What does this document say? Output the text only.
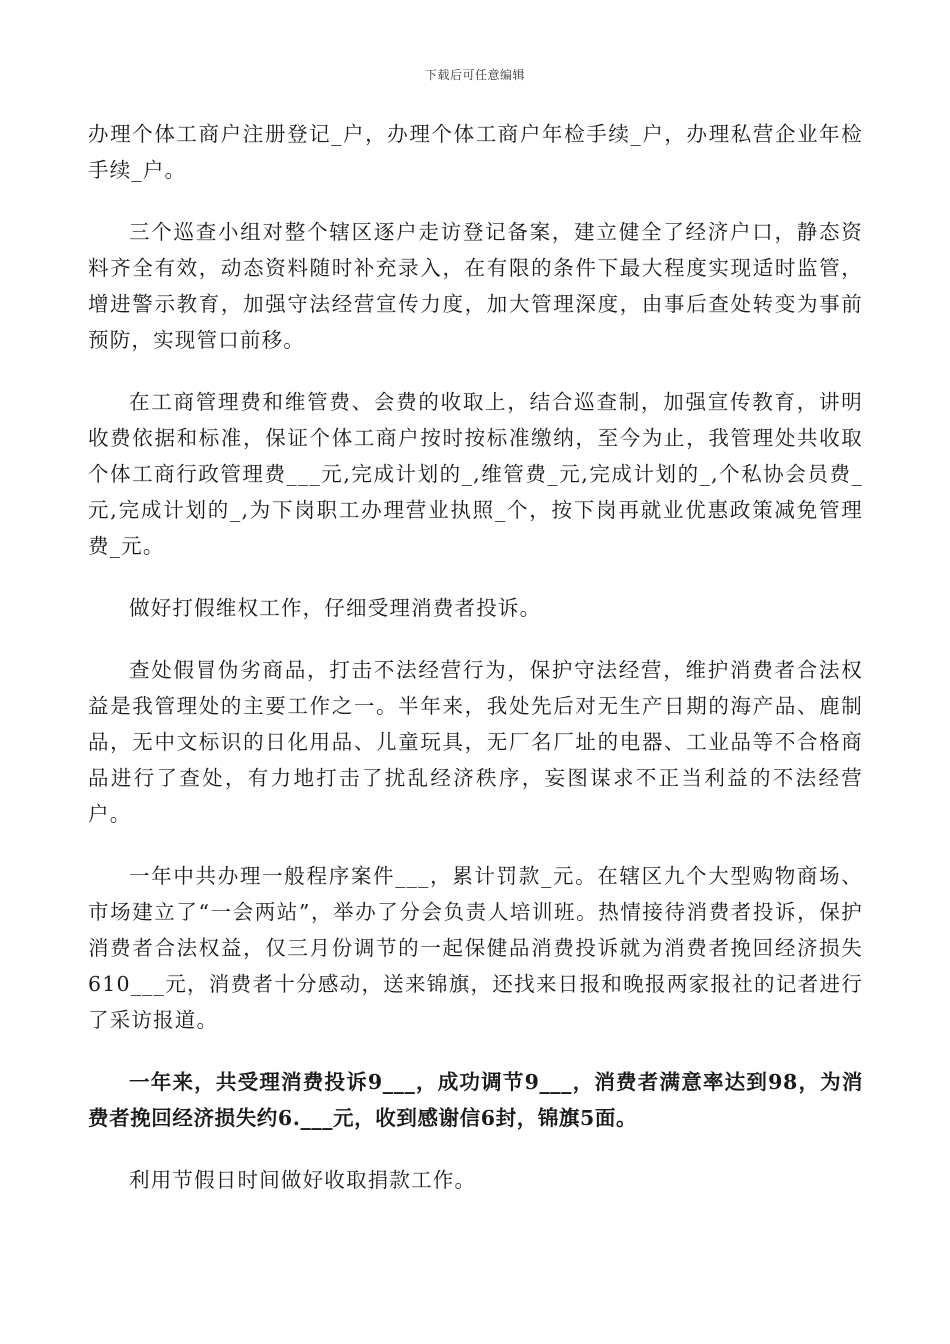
下载后可任意编辑

办理个体工商户注册登记_户，办理个体工商户年检手续_户，办理私营企业年检手续_户。

三个巡查小组对整个辖区逐户走访登记备案，建立健全了经济户口，静态资料齐全有效，动态资料随时补充录入，在有限的条件下最大程度实现适时监管，增进警示教育，加强守法经营宣传力度，加大管理深度，由事后查处转变为事前预防，实现管口前移。

在工商管理费和维管费、会费的收取上，结合巡查制，加强宣传教育，讲明收费依据和标准，保证个体工商户按时按标准缴纳，至今为止，我管理处共收取个体工商行政管理费___元,完成计划的_,维管费_元,完成计划的_,个私协会员费_元,完成计划的_,为下岗职工办理营业执照_个，按下岗再就业优惠政策减免管理费_元。

做好打假维权工作，仔细受理消费者投诉。

查处假冒伪劣商品，打击不法经营行为，保护守法经营，维护消费者合法权益是我管理处的主要工作之一。半年来，我处先后对无生产日期的海产品、鹿制品，无中文标识的日化用品、儿童玩具，无厂名厂址的电器、工业品等不合格商品进行了查处，有力地打击了扰乱经济秩序，妄图谋求不正当利益的不法经营户。

一年中共办理一般程序案件___，累计罚款_元。在辖区九个大型购物商场、市场建立了“一会两站”，举办了分会负责人培训班。热情接待消费者投诉，保护消费者合法权益，仅三月份调节的一起保健品消费投诉就为消费者挽回经济损失610___元，消费者十分感动，送来锦旗，还找来日报和晚报两家报社的记者进行了采访报道。

一年来，共受理消费投诉9___，成功调节9___，消费者满意率达到98，为消费者挽回经济损失约6.___元，收到感谢信6封，锦旗5面。

利用节假日时间做好收取捐款工作。
